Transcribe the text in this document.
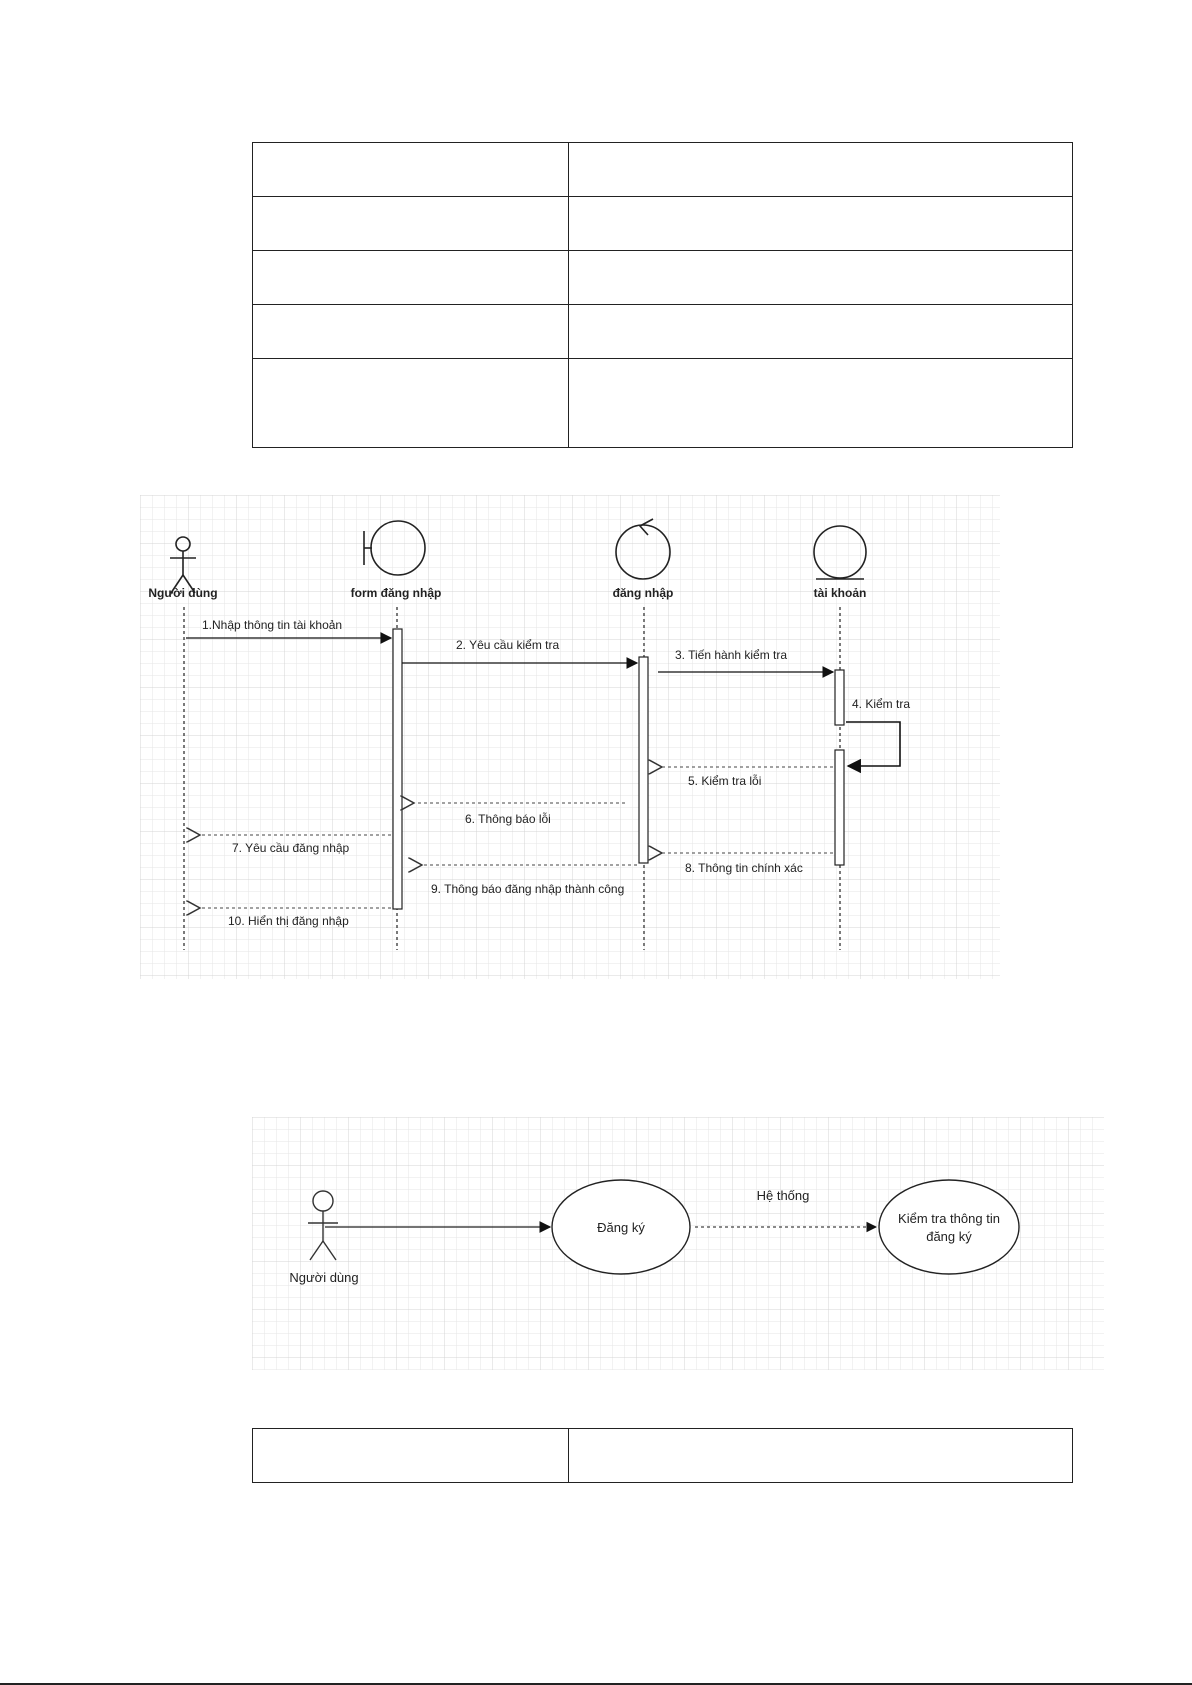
Người dùng	form đăng nhập	đăng nhập	tài khoản
1.Nhập thông tin tài khoản
2. Yêu cầu kiểm tra
3. Tiến hành kiểm tra
4. Kiểm tra
5. Kiểm tra lỗi
6. Thông báo lỗi
7. Yêu cầu đăng nhập
8. Thông tin chính xác
9. Thông báo đăng nhập thành công
10. Hiển thị đăng nhập
Người dùng
Đăng ký
Hệ thống
Kiểm tra thông tin
đăng ký
